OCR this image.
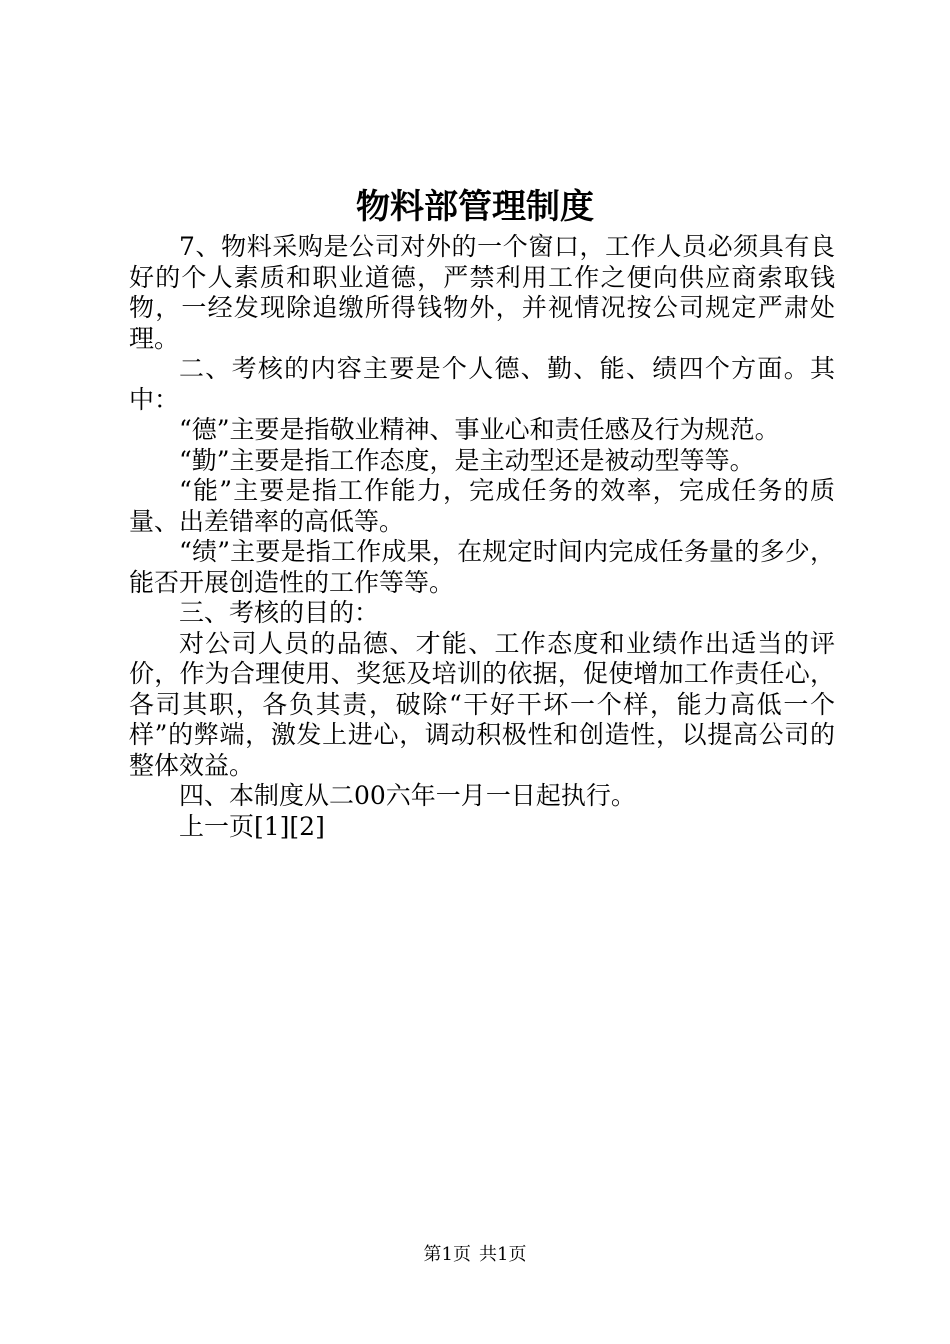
物料部管理制度

7、物料采购是公司对外的一个窗口，工作人员必须具有良好的个人素质和职业道德，严禁利用工作之便向供应商索取钱物，一经发现除追缴所得钱物外，并视情况按公司规定严肃处理。

二、考核的内容主要是个人德、勤、能、绩四个方面。其中：

“德”主要是指敬业精神、事业心和责任感及行为规范。

“勤”主要是指工作态度，是主动型还是被动型等等。

“能”主要是指工作能力，完成任务的效率，完成任务的质量、出差错率的高低等。

“绩”主要是指工作成果，在规定时间内完成任务量的多少，能否开展创造性的工作等等。

三、考核的目的：

对公司人员的品德、才能、工作态度和业绩作出适当的评价，作为合理使用、奖惩及培训的依据，促使增加工作责任心，各司其职，各负其责，破除“干好干坏一个样，能力高低一个样”的弊端，激发上进心，调动积极性和创造性，以提高公司的整体效益。

四、本制度从二00六年一月一日起执行。

上一页[1][2]

第1页 共1页
